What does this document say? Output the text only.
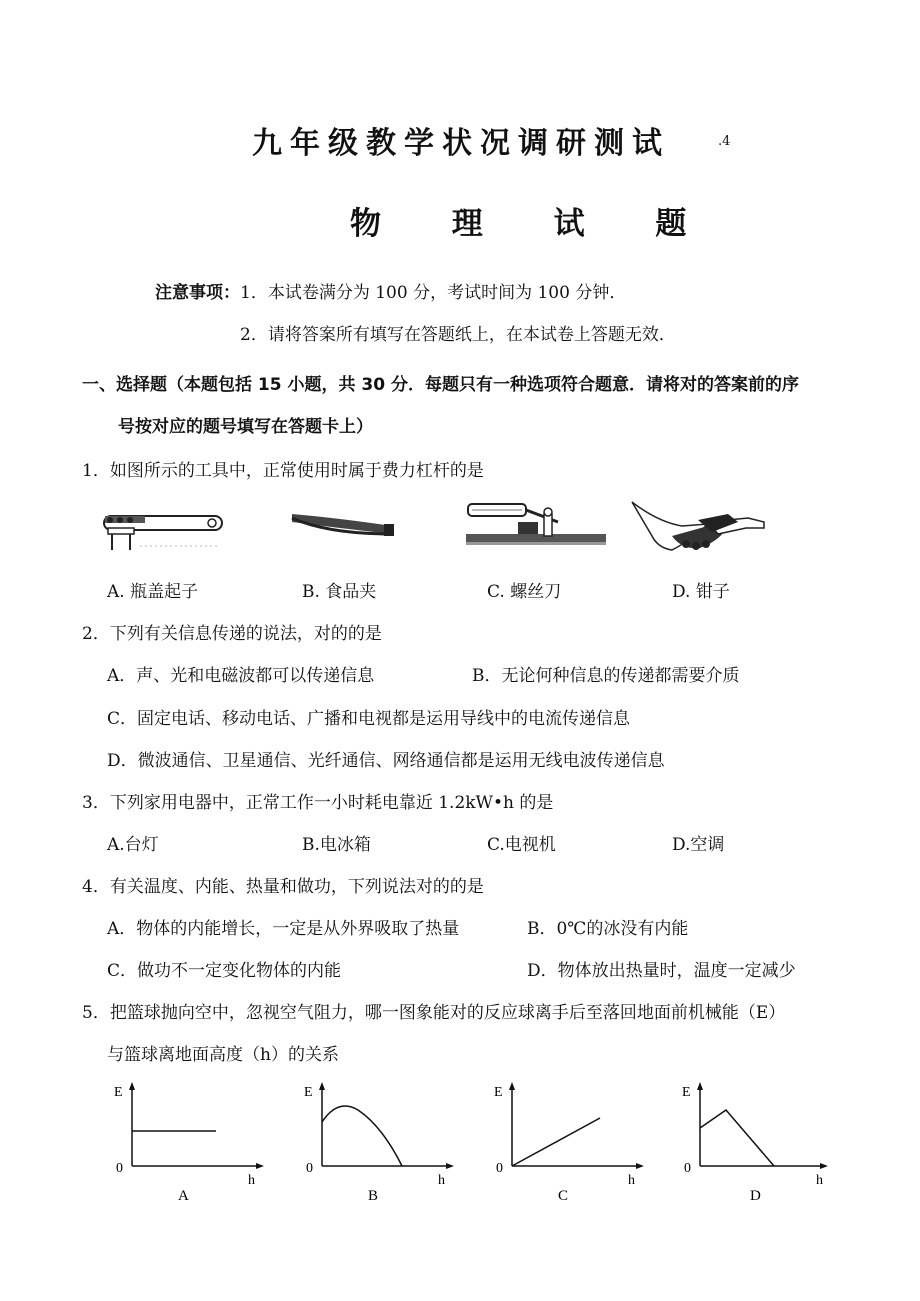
九年级教学状况调研测试	.4
物 理 试 题
注意事项： 1．本试卷满分为 100 分，考试时间为 100 分钟．
2．请将答案所有填写在答题纸上，在本试卷上答题无效．
一、选择题（本题包括 15 小题，共 30 分．每题只有一种选项符合题意．请将对的答案前的序
号按对应的题号填写在答题卡上）
1．如图所示的工具中，正常使用时属于费力杠杆的是
A. 瓶盖起子	B. 食品夹	C. 螺丝刀	D. 钳子
2．下列有关信息传递的说法，对的的是
A．声、光和电磁波都可以传递信息	B．无论何种信息的传递都需要介质
C．固定电话、移动电话、广播和电视都是运用导线中的电流传递信息
D．微波通信、卫星通信、光纤通信、网络通信都是运用无线电波传递信息
3．下列家用电器中，正常工作一小时耗电靠近 1.2kW•h 的是
A.台灯	B.电冰箱	C.电视机	D.空调
4．有关温度、内能、热量和做功，下列说法对的的是
A．物体的内能增长，一定是从外界吸取了热量	B．0℃的冰没有内能
C．做功不一定变化物体的内能	D．物体放出热量时，温度一定减少
5．把篮球抛向空中，忽视空气阻力，哪一图象能对的反应球离手后至落回地面前机械能（E）
与篮球离地面高度（h）的关系
E
0
h
A
E
0
h
B
E
0
h
C
E
0
h
D
